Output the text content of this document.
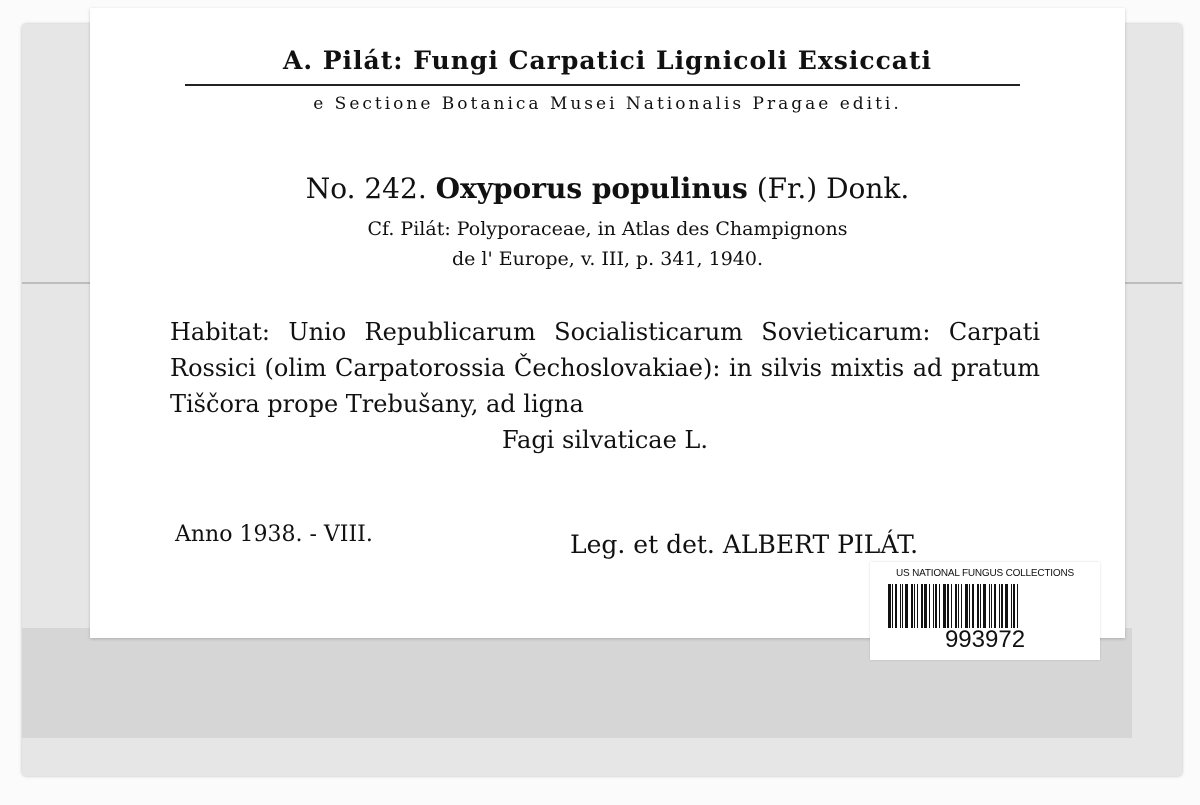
A. Pilát: Fungi Carpatici Lignicoli Exsiccati
e Sectione Botanica Musei Nationalis Pragae editi.
No. 242. Oxyporus populinus (Fr.) Donk.
Cf. Pilát: Polyporaceae, in Atlas des Champignons
de l' Europe, v. III, p. 341, 1940.
Habitat: Unio Republicarum Socialisticarum Sovieticarum: Carpati Rossici (olim Carpatorossia Čechoslovakiae): in silvis mixtis ad pratum Tiščora prope Trebušany, ad ligna
Fagi silvaticae L.
Anno 1938. - VIII.	Leg. et det. ALBERT PILÁT.
US NATIONAL FUNGUS COLLECTIONS
993972
